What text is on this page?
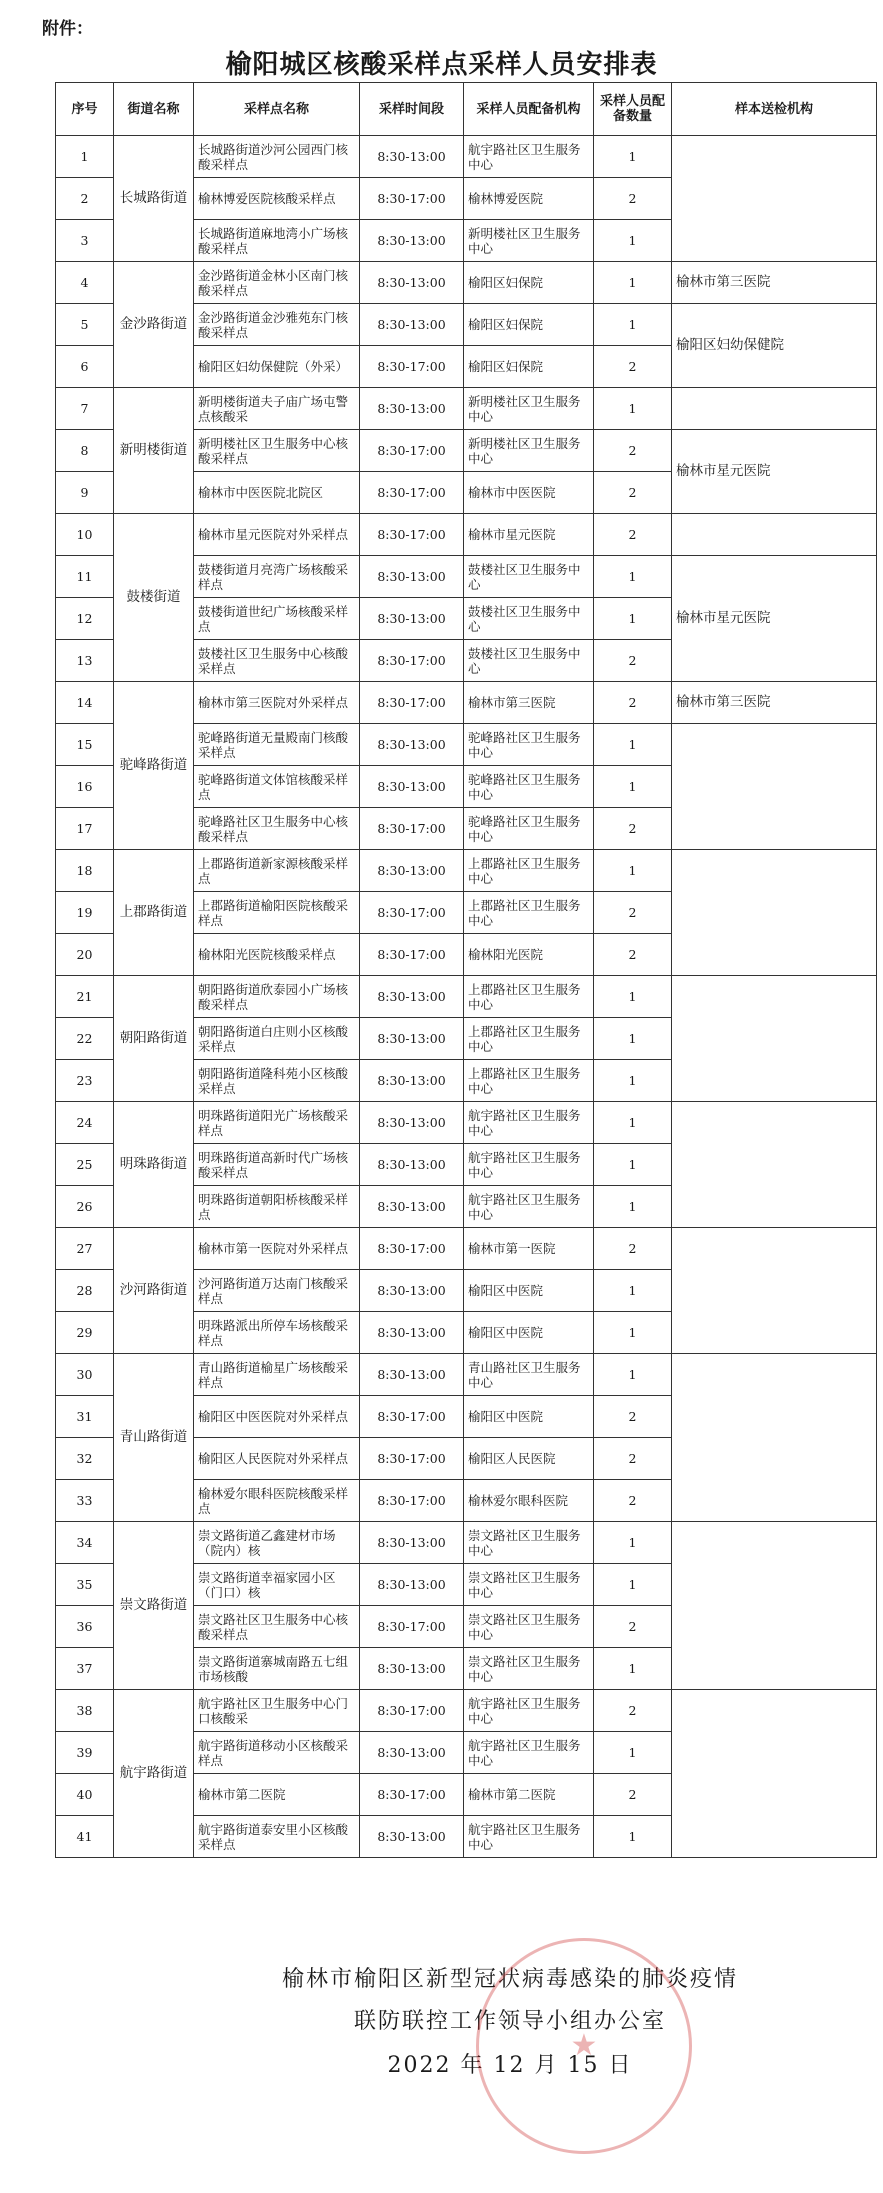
附件：
榆阳城区核酸采样点采样人员安排表
序号	街道名称	采样点名称	采样时间段	采样人员配备机构	采样人员配备数量	样本送检机构
1	长城路街道	长城路街道沙河公园西门核酸采样点	8:30-13:00	航宇路社区卫生服务中心	1	
2		榆林博爱医院核酸采样点	8:30-17:00	榆林博爱医院	2	
3		长城路街道麻地湾小广场核酸采样点	8:30-13:00	新明楼社区卫生服务中心	1	
4	金沙路街道	金沙路街道金林小区南门核酸采样点	8:30-13:00	榆阳区妇保院	1	榆林市第三医院
5		金沙路街道金沙雅苑东门核酸采样点	8:30-13:00	榆阳区妇保院	1	榆阳区妇幼保健院
6		榆阳区妇幼保健院（外采）	8:30-17:00	榆阳区妇保院	2	
7	新明楼街道	新明楼街道夫子庙广场屯警点核酸采	8:30-13:00	新明楼社区卫生服务中心	1	
8		新明楼社区卫生服务中心核酸采样点	8:30-17:00	新明楼社区卫生服务中心	2	榆林市星元医院
9		榆林市中医医院北院区	8:30-17:00	榆林市中医医院	2	
10	鼓楼街道	榆林市星元医院对外采样点	8:30-17:00	榆林市星元医院	2	
11		鼓楼街道月亮湾广场核酸采样点	8:30-13:00	鼓楼社区卫生服务中心	1	榆林市星元医院
12		鼓楼街道世纪广场核酸采样点	8:30-13:00	鼓楼社区卫生服务中心	1	
13		鼓楼社区卫生服务中心核酸采样点	8:30-17:00	鼓楼社区卫生服务中心	2	
14	驼峰路街道	榆林市第三医院对外采样点	8:30-17:00	榆林市第三医院	2	榆林市第三医院
15		驼峰路街道无量殿南门核酸采样点	8:30-13:00	驼峰路社区卫生服务中心	1	
16		驼峰路街道文体馆核酸采样点	8:30-13:00	驼峰路社区卫生服务中心	1	
17		驼峰路社区卫生服务中心核酸采样点	8:30-17:00	驼峰路社区卫生服务中心	2	
18	上郡路街道	上郡路街道新家源核酸采样点	8:30-13:00	上郡路社区卫生服务中心	1	
19		上郡路街道榆阳医院核酸采样点	8:30-17:00	上郡路社区卫生服务中心	2	
20		榆林阳光医院核酸采样点	8:30-17:00	榆林阳光医院	2	
21	朝阳路街道	朝阳路街道欣泰园小广场核酸采样点	8:30-13:00	上郡路社区卫生服务中心	1	
22		朝阳路街道白庄则小区核酸采样点	8:30-13:00	上郡路社区卫生服务中心	1	
23		朝阳路街道隆科苑小区核酸采样点	8:30-13:00	上郡路社区卫生服务中心	1	
24	明珠路街道	明珠路街道阳光广场核酸采样点	8:30-13:00	航宇路社区卫生服务中心	1	
25		明珠路街道高新时代广场核酸采样点	8:30-13:00	航宇路社区卫生服务中心	1	
26		明珠路街道朝阳桥核酸采样点	8:30-13:00	航宇路社区卫生服务中心	1	
27	沙河路街道	榆林市第一医院对外采样点	8:30-17:00	榆林市第一医院	2	
28		沙河路街道万达南门核酸采样点	8:30-13:00	榆阳区中医院	1	
29		明珠路派出所停车场核酸采样点	8:30-13:00	榆阳区中医院	1	
30	青山路街道	青山路街道榆星广场核酸采样点	8:30-13:00	青山路社区卫生服务中心	1	
31		榆阳区中医医院对外采样点	8:30-17:00	榆阳区中医院	2	
32		榆阳区人民医院对外采样点	8:30-17:00	榆阳区人民医院	2	
33		榆林爱尔眼科医院核酸采样点	8:30-17:00	榆林爱尔眼科医院	2	
34	崇文路街道	崇文路街道乙鑫建材市场（院内）核	8:30-13:00	崇文路社区卫生服务中心	1	
35		崇文路街道幸福家园小区（门口）核	8:30-13:00	崇文路社区卫生服务中心	1	
36		崇文路社区卫生服务中心核酸采样点	8:30-17:00	崇文路社区卫生服务中心	2	
37		崇文路街道寨城南路五七组市场核酸	8:30-13:00	崇文路社区卫生服务中心	1	
38	航宇路街道	航宇路社区卫生服务中心门口核酸采	8:30-17:00	航宇路社区卫生服务中心	2	
39		航宇路街道移动小区核酸采样点	8:30-13:00	航宇路社区卫生服务中心	1	
40		榆林市第二医院	8:30-17:00	榆林市第二医院	2	
41		航宇路街道泰安里小区核酸采样点	8:30-13:00	航宇路社区卫生服务中心	1	
榆林市榆阳区新型冠状病毒感染的肺炎疫情
联防联控工作领导小组办公室
2022 年 12 月 15 日
★
